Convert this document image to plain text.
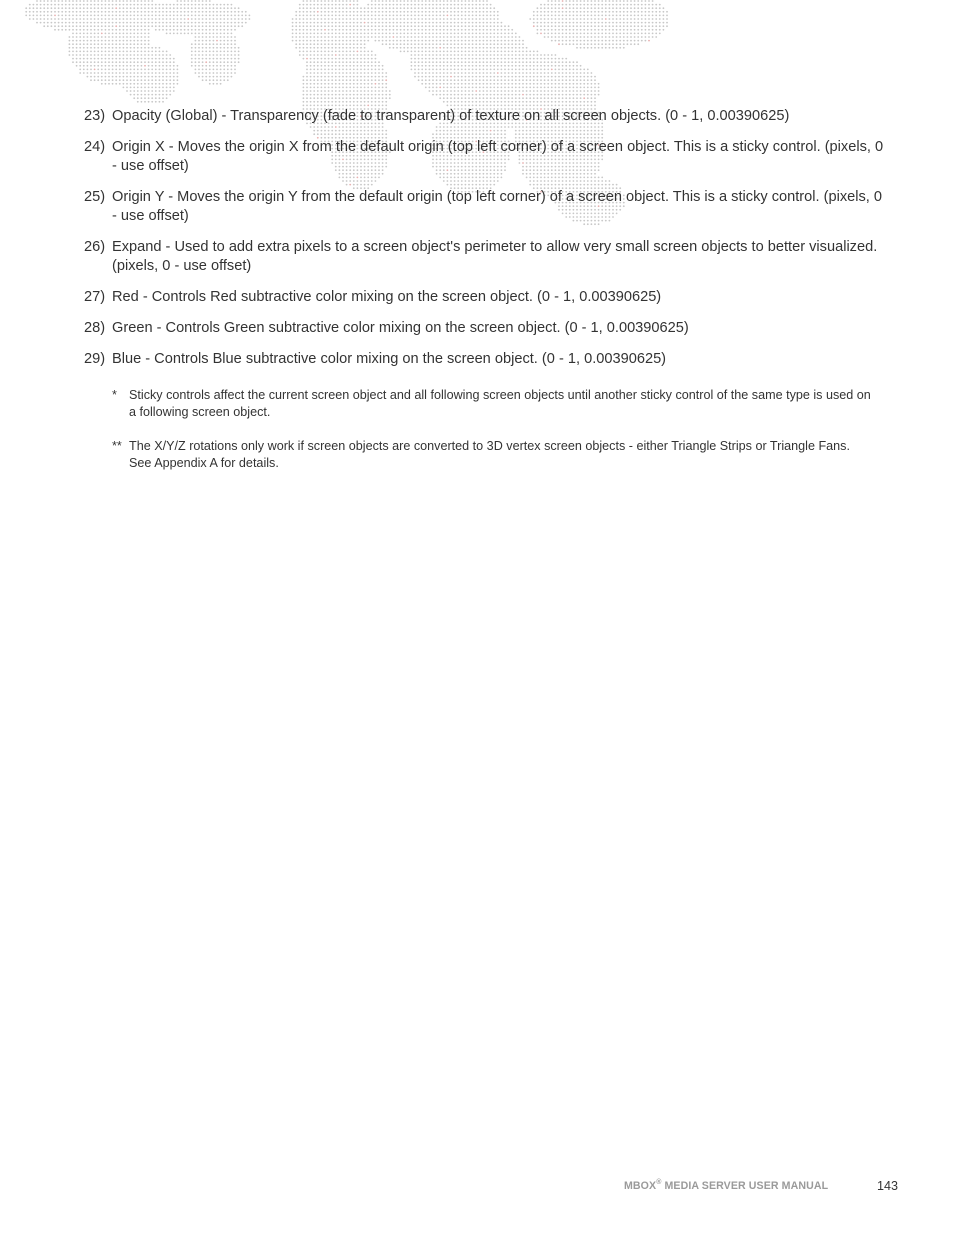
23) Opacity (Global) - Transparency (fade to transparent) of texture on all screen objects. (0 - 1, 0.00390625)
24) Origin X - Moves the origin X from the default origin (top left corner) of a screen object. This is a sticky control. (pixels, 0 - use offset)
25) Origin Y - Moves the origin Y from the default origin (top left corner) of a screen object. This is a sticky control. (pixels, 0 - use offset)
26) Expand - Used to add extra pixels to a screen object's perimeter to allow very small screen objects to better visualized. (pixels, 0 - use offset)
27) Red - Controls Red subtractive color mixing on the screen object. (0 - 1, 0.00390625)
28) Green - Controls Green subtractive color mixing on the screen object. (0 - 1, 0.00390625)
29) Blue - Controls Blue subtractive color mixing on the screen object. (0 - 1, 0.00390625)
* Sticky controls affect the current screen object and all following screen objects until another sticky control of the same type is used on a following screen object.
** The X/Y/Z rotations only work if screen objects are converted to 3D vertex screen objects - either Triangle Strips or Triangle Fans. See Appendix A for details.
MBOX® MEDIA SERVER USER MANUAL	143
